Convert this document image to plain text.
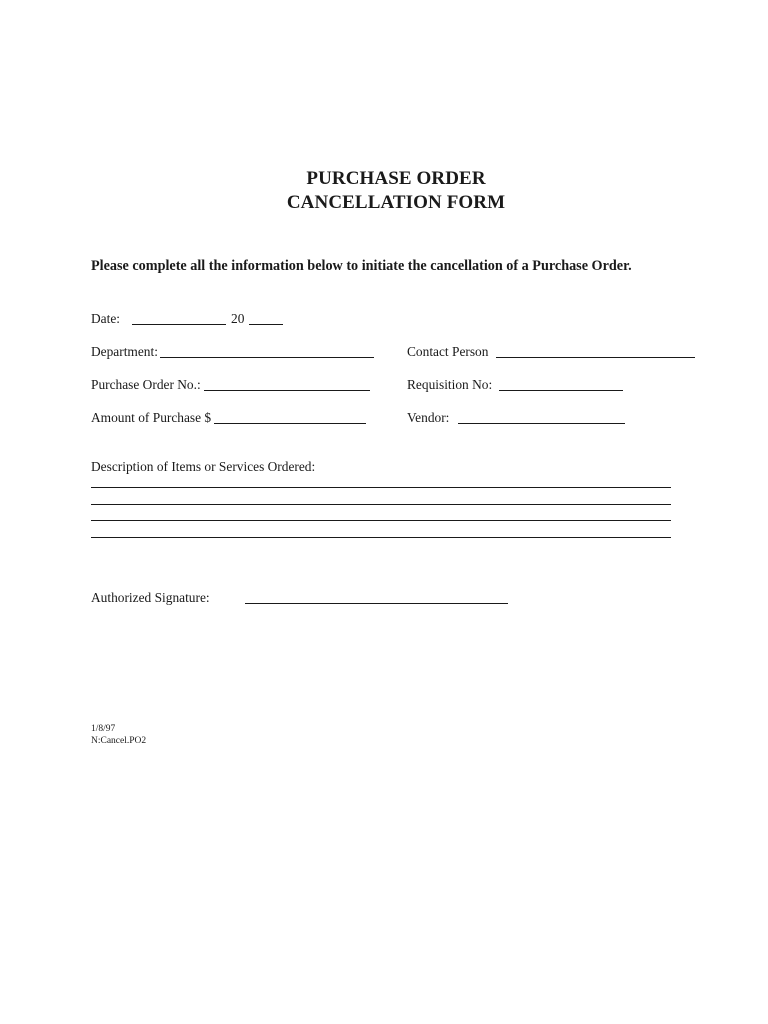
PURCHASE ORDER
CANCELLATION FORM
Please complete all the information below to initiate the cancellation of a Purchase Order.
Date:	20
Department:	Contact Person
Purchase Order No.:	Requisition No:
Amount of Purchase $	Vendor:
Description of Items or Services Ordered:
Authorized Signature:
1/8/97
N:Cancel.PO2
